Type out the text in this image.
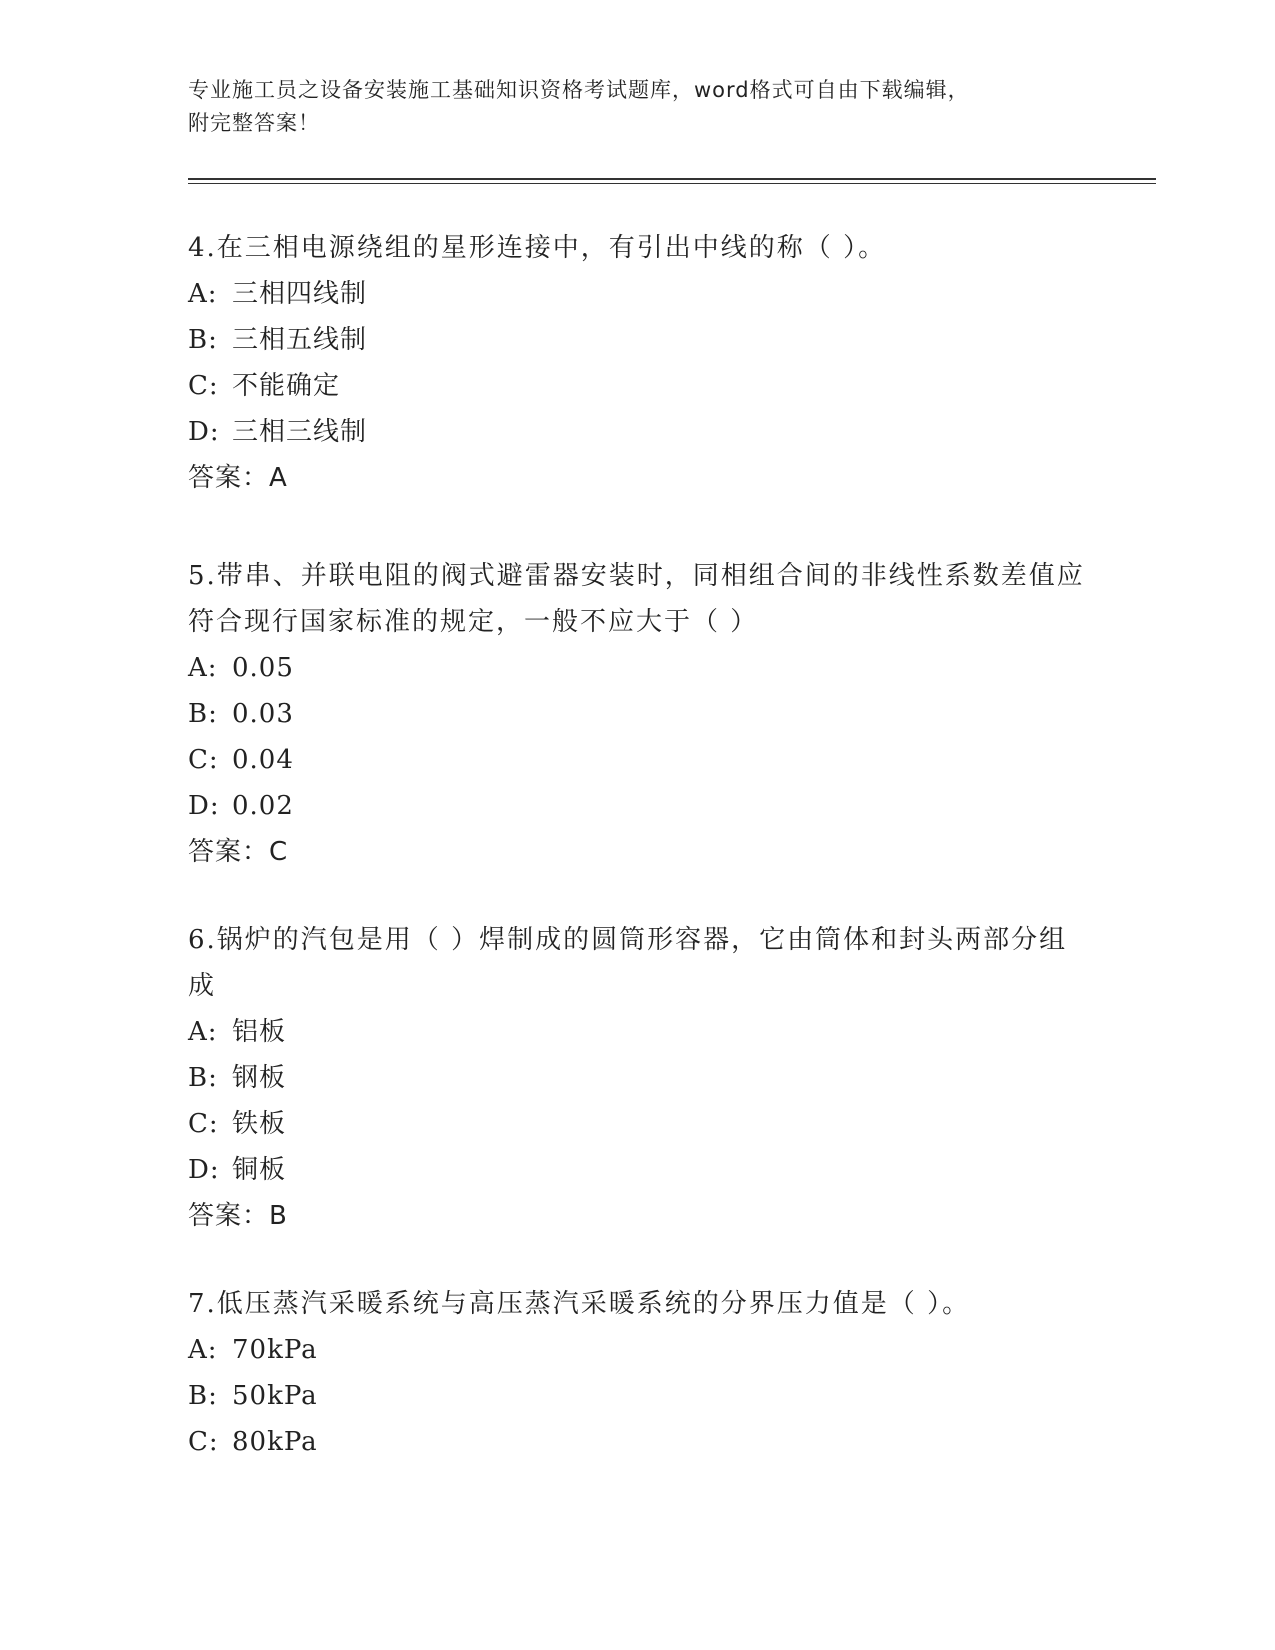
专业施工员之设备安装施工基础知识资格考试题库，word格式可自由下载编辑，
附完整答案！

4.在三相电源绕组的星形连接中，有引出中线的称（ ）。

A: 三相四线制

B: 三相五线制

C: 不能确定

D: 三相三线制

答案：A

5.带串、并联电阻的阀式避雷器安装时，同相组合间的非线性系数差值应符合现行国家标准的规定，一般不应大于（ ）

A: 0.05

B: 0.03

C: 0.04

D: 0.02

答案：C

6.锅炉的汽包是用（ ）焊制成的圆筒形容器，它由筒体和封头两部分组成

A: 铝板

B: 钢板

C: 铁板

D: 铜板

答案：B

7.低压蒸汽采暖系统与高压蒸汽采暖系统的分界压力值是（ ）。

A: 70kPa

B: 50kPa

C: 80kPa
